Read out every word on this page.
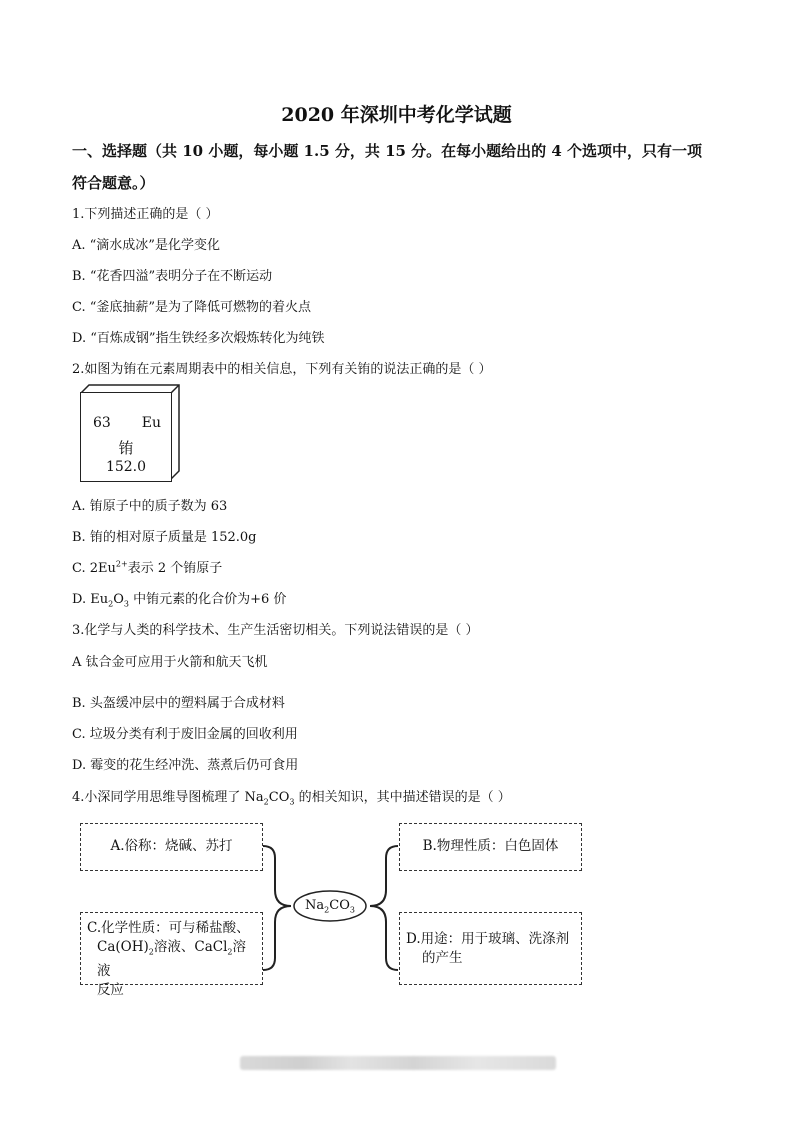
2020 年深圳中考化学试题
一、选择题（共 10 小题，每小题 1.5 分，共 15 分。在每小题给出的 4 个选项中，只有一项
符合题意。）
1.下列描述正确的是（ ）
A. “滴水成冰”是化学变化
B. “花香四溢”表明分子在不断运动
C. “釜底抽薪”是为了降低可燃物的着火点
D. “百炼成钢”指生铁经多次煅炼转化为纯铁
2.如图为铕在元素周期表中的相关信息，下列有关铕的说法正确的是（ ）
63 Eu
铕
152.0
A. 铕原子中的质子数为 63
B. 铕的相对原子质量是 152.0g
C. $2Eu^{2+}$表示 2 个铕原子
D. $Eu_2O_3$ 中铕元素的化合价为+6 价
3.化学与人类的科学技术、生产生活密切相关。下列说法错误的是（ ）
A 钛合金可应用于火箭和航天飞机
B. 头盔缓冲层中的塑料属于合成材料
C. 垃圾分类有利于废旧金属的回收利用
D. 霉变的花生经冲洗、蒸煮后仍可食用
4.小深同学用思维导图梳理了 $Na_2CO_3$ 的相关知识，其中描述错误的是（ ）
$Na_2CO_3$
A.俗称：烧碱、苏打	B.物理性质：白色固体
C.化学性质：可与稀盐酸、
$Ca(OH)_2$溶液、CaCl$_2$溶液
反应
D.用途：用于玻璃、洗涤剂
的产生
